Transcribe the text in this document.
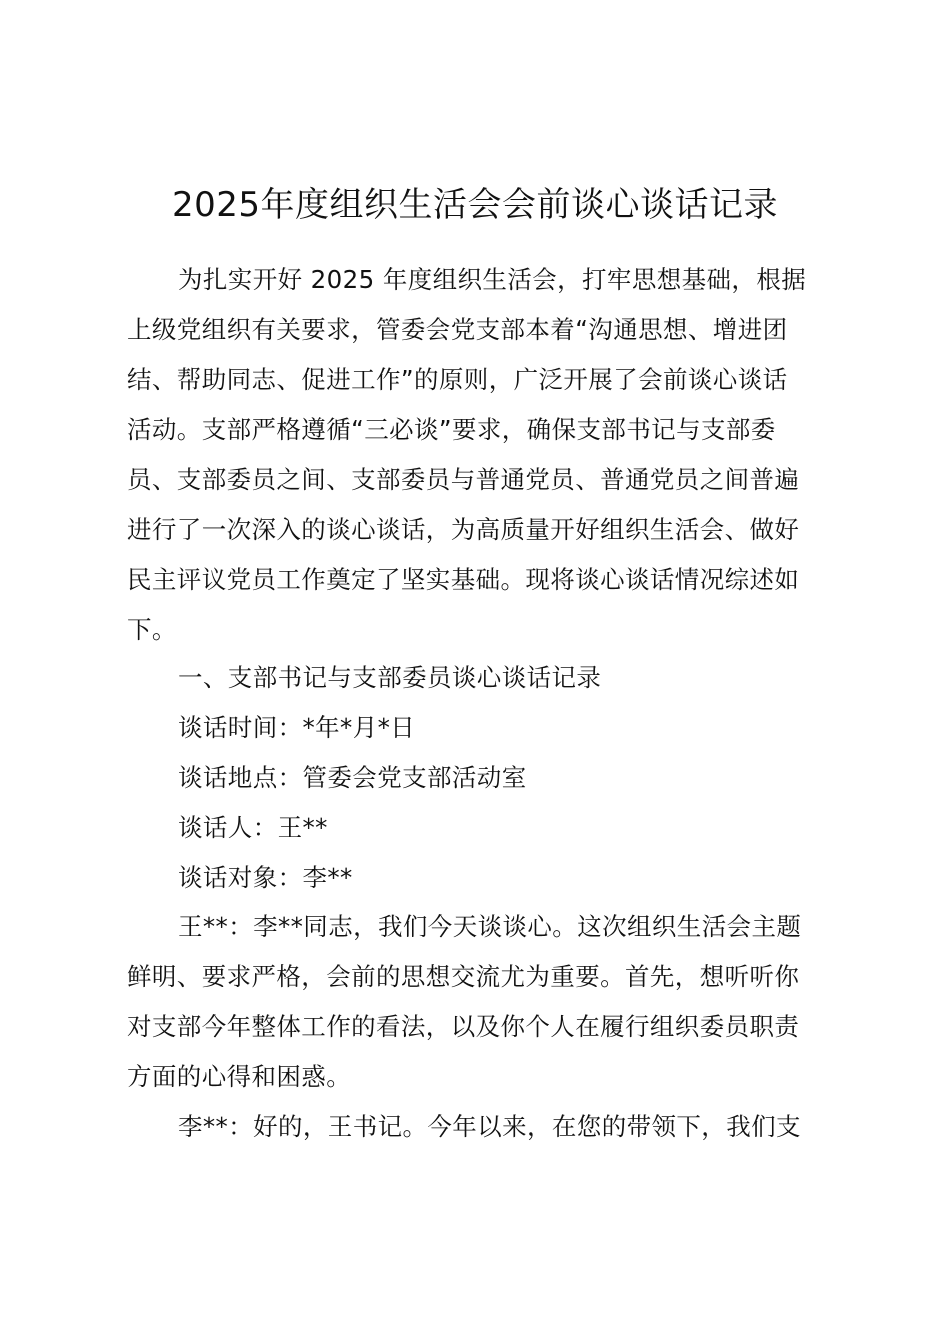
2025年度组织生活会会前谈心谈话记录
为扎实开好 2025 年度组织生活会，打牢思想基础，根据
上级党组织有关要求，管委会党支部本着“沟通思想、增进团
结、帮助同志、促进工作”的原则，广泛开展了会前谈心谈话
活动。支部严格遵循“三必谈”要求，确保支部书记与支部委
员、支部委员之间、支部委员与普通党员、普通党员之间普遍
进行了一次深入的谈心谈话，为高质量开好组织生活会、做好
民主评议党员工作奠定了坚实基础。现将谈心谈话情况综述如
下。
一、支部书记与支部委员谈心谈话记录
谈话时间：*年*月*日
谈话地点：管委会党支部活动室
谈话人：王**
谈话对象：李**
王**：李**同志，我们今天谈谈心。这次组织生活会主题
鲜明、要求严格，会前的思想交流尤为重要。首先，想听听你
对支部今年整体工作的看法，以及你个人在履行组织委员职责
方面的心得和困惑。
李**：好的，王书记。今年以来，在您的带领下，我们支
